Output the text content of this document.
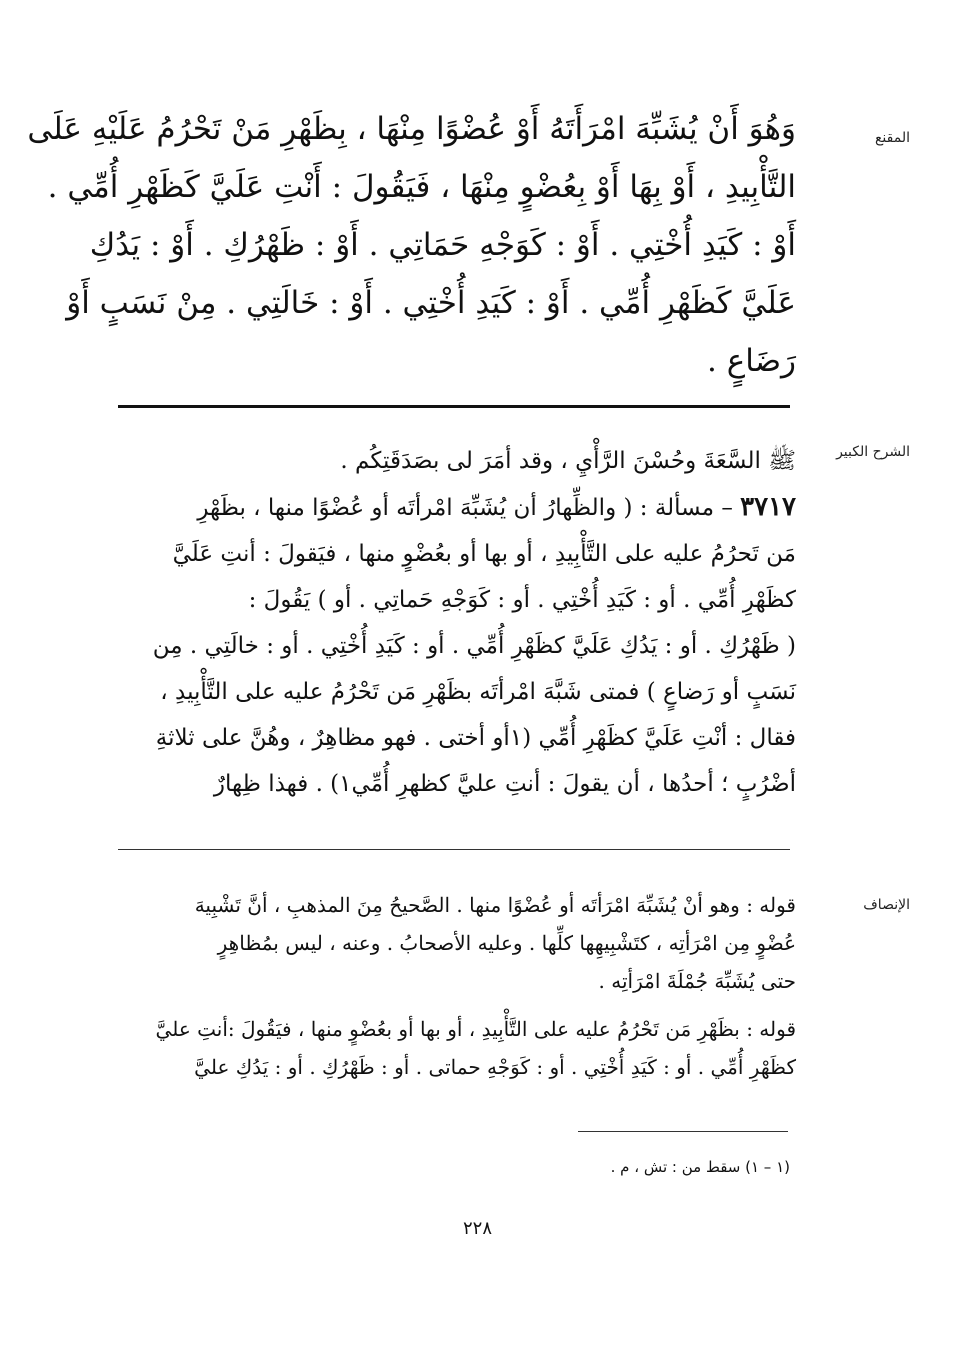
المقنع

وَهُوَ أَنْ يُشَبِّهَ امْرَأَتَهُ أَوْ عُضْوًا مِنْهَا ، بِظَهْرِ مَنْ تَحْرُمُ عَلَيْهِ عَلَى

التَّأْبِيدِ ، أَوْ بِهَا أَوْ بِعُضْوٍ مِنْهَا ، فَيَقُولَ : أَنْتِ عَلَيَّ كَظَهْرِ أُمِّي .

أَوْ : كَيَدِ أُخْتِي . أَوْ : كَوَجْهِ حَمَاتِي . أَوْ : ظَهْرُكِ . أَوْ : يَدُكِ

عَلَيَّ كَظَهْرِ أُمِّي . أَوْ : كَيَدِ أُخْتِي . أَوْ : خَالَتِي . مِنْ نَسَبٍ أَوْ

رَضَاعٍ .

الشرح الكبير

ﷺ السَّعَةَ وحُسْنَ الرَّأْيِ ، وقد أمَرَ لى بصَدَقَتِكُم .

٣٧١٧ – مسألة : ( والظِّهارُ أن يُشَبِّهَ امْرأتَه أو عُضْوًا منها ، بظَهْرِ

مَن تَحرُمُ عليه على التَّأْبِيدِ ، أو بها أو بعُضْوٍ منها ، فيَقولَ : أنتِ عَلَيَّ

كظَهْرِ أُمِّي . أو : كَيَدِ أُخْتِي . أو : كَوَجْهِ حَماتِي . أو ) يَقُولَ :

( ظَهْرُكِ . أو : يَدُكِ عَلَيَّ كظَهْرِ أُمِّي . أو : كَيَدِ أُخْتِي . أو : خالَتِي . مِن

نَسَبٍ أو رَضاعٍ ) فمتى شَبَّهَ امْرأتَه بظَهْرِ مَن تَحْرُمُ عليه على التَّأْبِيدِ ،

فقال : أنْتِ عَلَيَّ كظَهْرِ أُمِّي (١أو أختى . فهو مظاهِرٌ ، وهُنَّ على ثلاثةِ

أضْرُبٍ ؛ أحدُها ، أن يقولَ : أنتِ عليَّ كظهرِ أُمِّي١) . فهذا ظِهارٌ

الإنصاف

قوله : وهو أنْ يُشَبِّهَ امْرَأتَه أو عُضْوًا منها . الصَّحيحُ مِنَ المذهبِ ، أنَّ تَشْبِيهَ

عُضْوٍ مِن امْرَأتِه ، كتَشْبِيهِها كلِّها . وعليه الأصحابُ . وعنه ، ليس بمُظاهِرٍ

حتى يُشَبِّهَ جُمْلَةَ امْرَأتِه .

قوله : بظَهْرِ مَن تَحْرُمُ عليه على التَّأْبِيدِ ، أو بها أو بعُضْوٍ منها ، فيَقُولَ :أنتِ عليَّ

كظَهْرِ أُمِّي . أو : كَيَدِ أُخْتِي . أو : كَوَجْهِ حماتى . أو : ظَهْرُكِ . أو : يَدُكِ عليَّ

(١ – ١) سقط من : تش ، م .
٢٢٨
